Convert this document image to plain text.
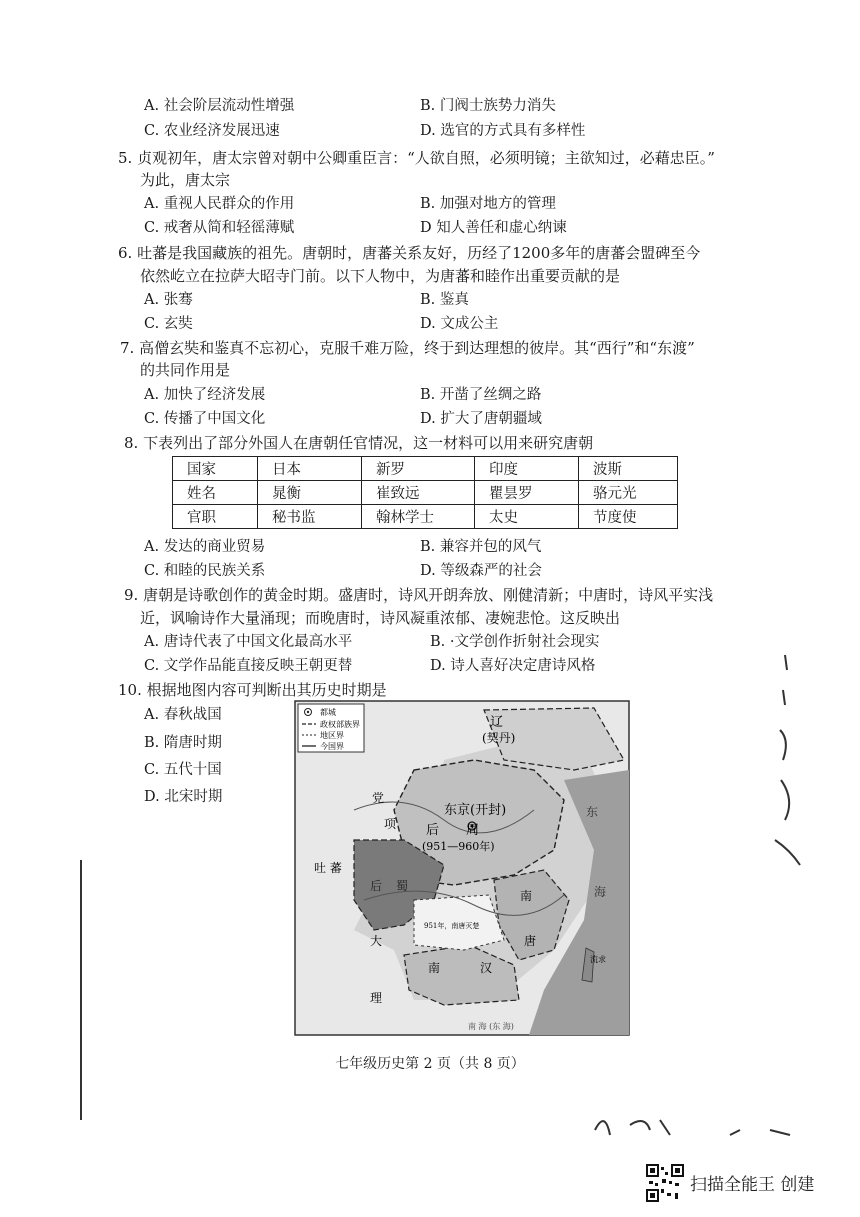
A. 社会阶层流动性增强	B. 门阀士族势力消失
C. 农业经济发展迅速	D. 选官的方式具有多样性
5. 贞观初年，唐太宗曾对朝中公卿重臣言：“人欲自照，必须明镜；主欲知过，必藉忠臣。”
为此，唐太宗
A. 重视人民群众的作用	B. 加强对地方的管理
C. 戒奢从简和轻徭薄赋	D 知人善任和虚心纳谏
6. 吐蕃是我国藏族的祖先。唐朝时，唐蕃关系友好，历经了1200多年的唐蕃会盟碑至今
依然屹立在拉萨大昭寺门前。以下人物中，为唐蕃和睦作出重要贡献的是
A. 张骞	B. 鉴真
C. 玄奘	D. 文成公主
7. 高僧玄奘和鉴真不忘初心，克服千难万险，终于到达理想的彼岸。其“西行”和“东渡”
的共同作用是
A. 加快了经济发展	B. 开凿了丝绸之路
C. 传播了中国文化	D. 扩大了唐朝疆域
8. 下表列出了部分外国人在唐朝任官情况，这一材料可以用来研究唐朝
国家	日本	新罗	印度	波斯
姓名	晁衡	崔致远	瞿昙罗	骆元光
官职	秘书监	翰林学士	太史	节度使
A. 发达的商业贸易	B. 兼容并包的风气
C. 和睦的民族关系	D. 等级森严的社会
9. 唐朝是诗歌创作的黄金时期。盛唐时，诗风开朗奔放、刚健清新；中唐时，诗风平实浅
近，讽喻诗作大量涌现；而晚唐时，诗风凝重浓郁、凄婉悲怆。这反映出
A. 唐诗代表了中国文化最高水平	B. ·文学创作折射社会现实
C. 文学作品能直接反映王朝更替	D. 诗人喜好决定唐诗风格
10. 根据地图内容可判断出其历史时期是
A. 春秋战国
B. 隋唐时期
C. 五代十国
D. 北宋时期
都城
政权部族界
地区界
今国界
辽
(契丹)
东京(开封)
后 周
(951—960年)
吐 蕃
党
项
后 蜀
南
唐
951年，南唐灭楚
大
理
南	汉
流求
南 海 (东 海)
东
海
七年级历史第 2 页（共 8 页）
扫描全能王 创建
